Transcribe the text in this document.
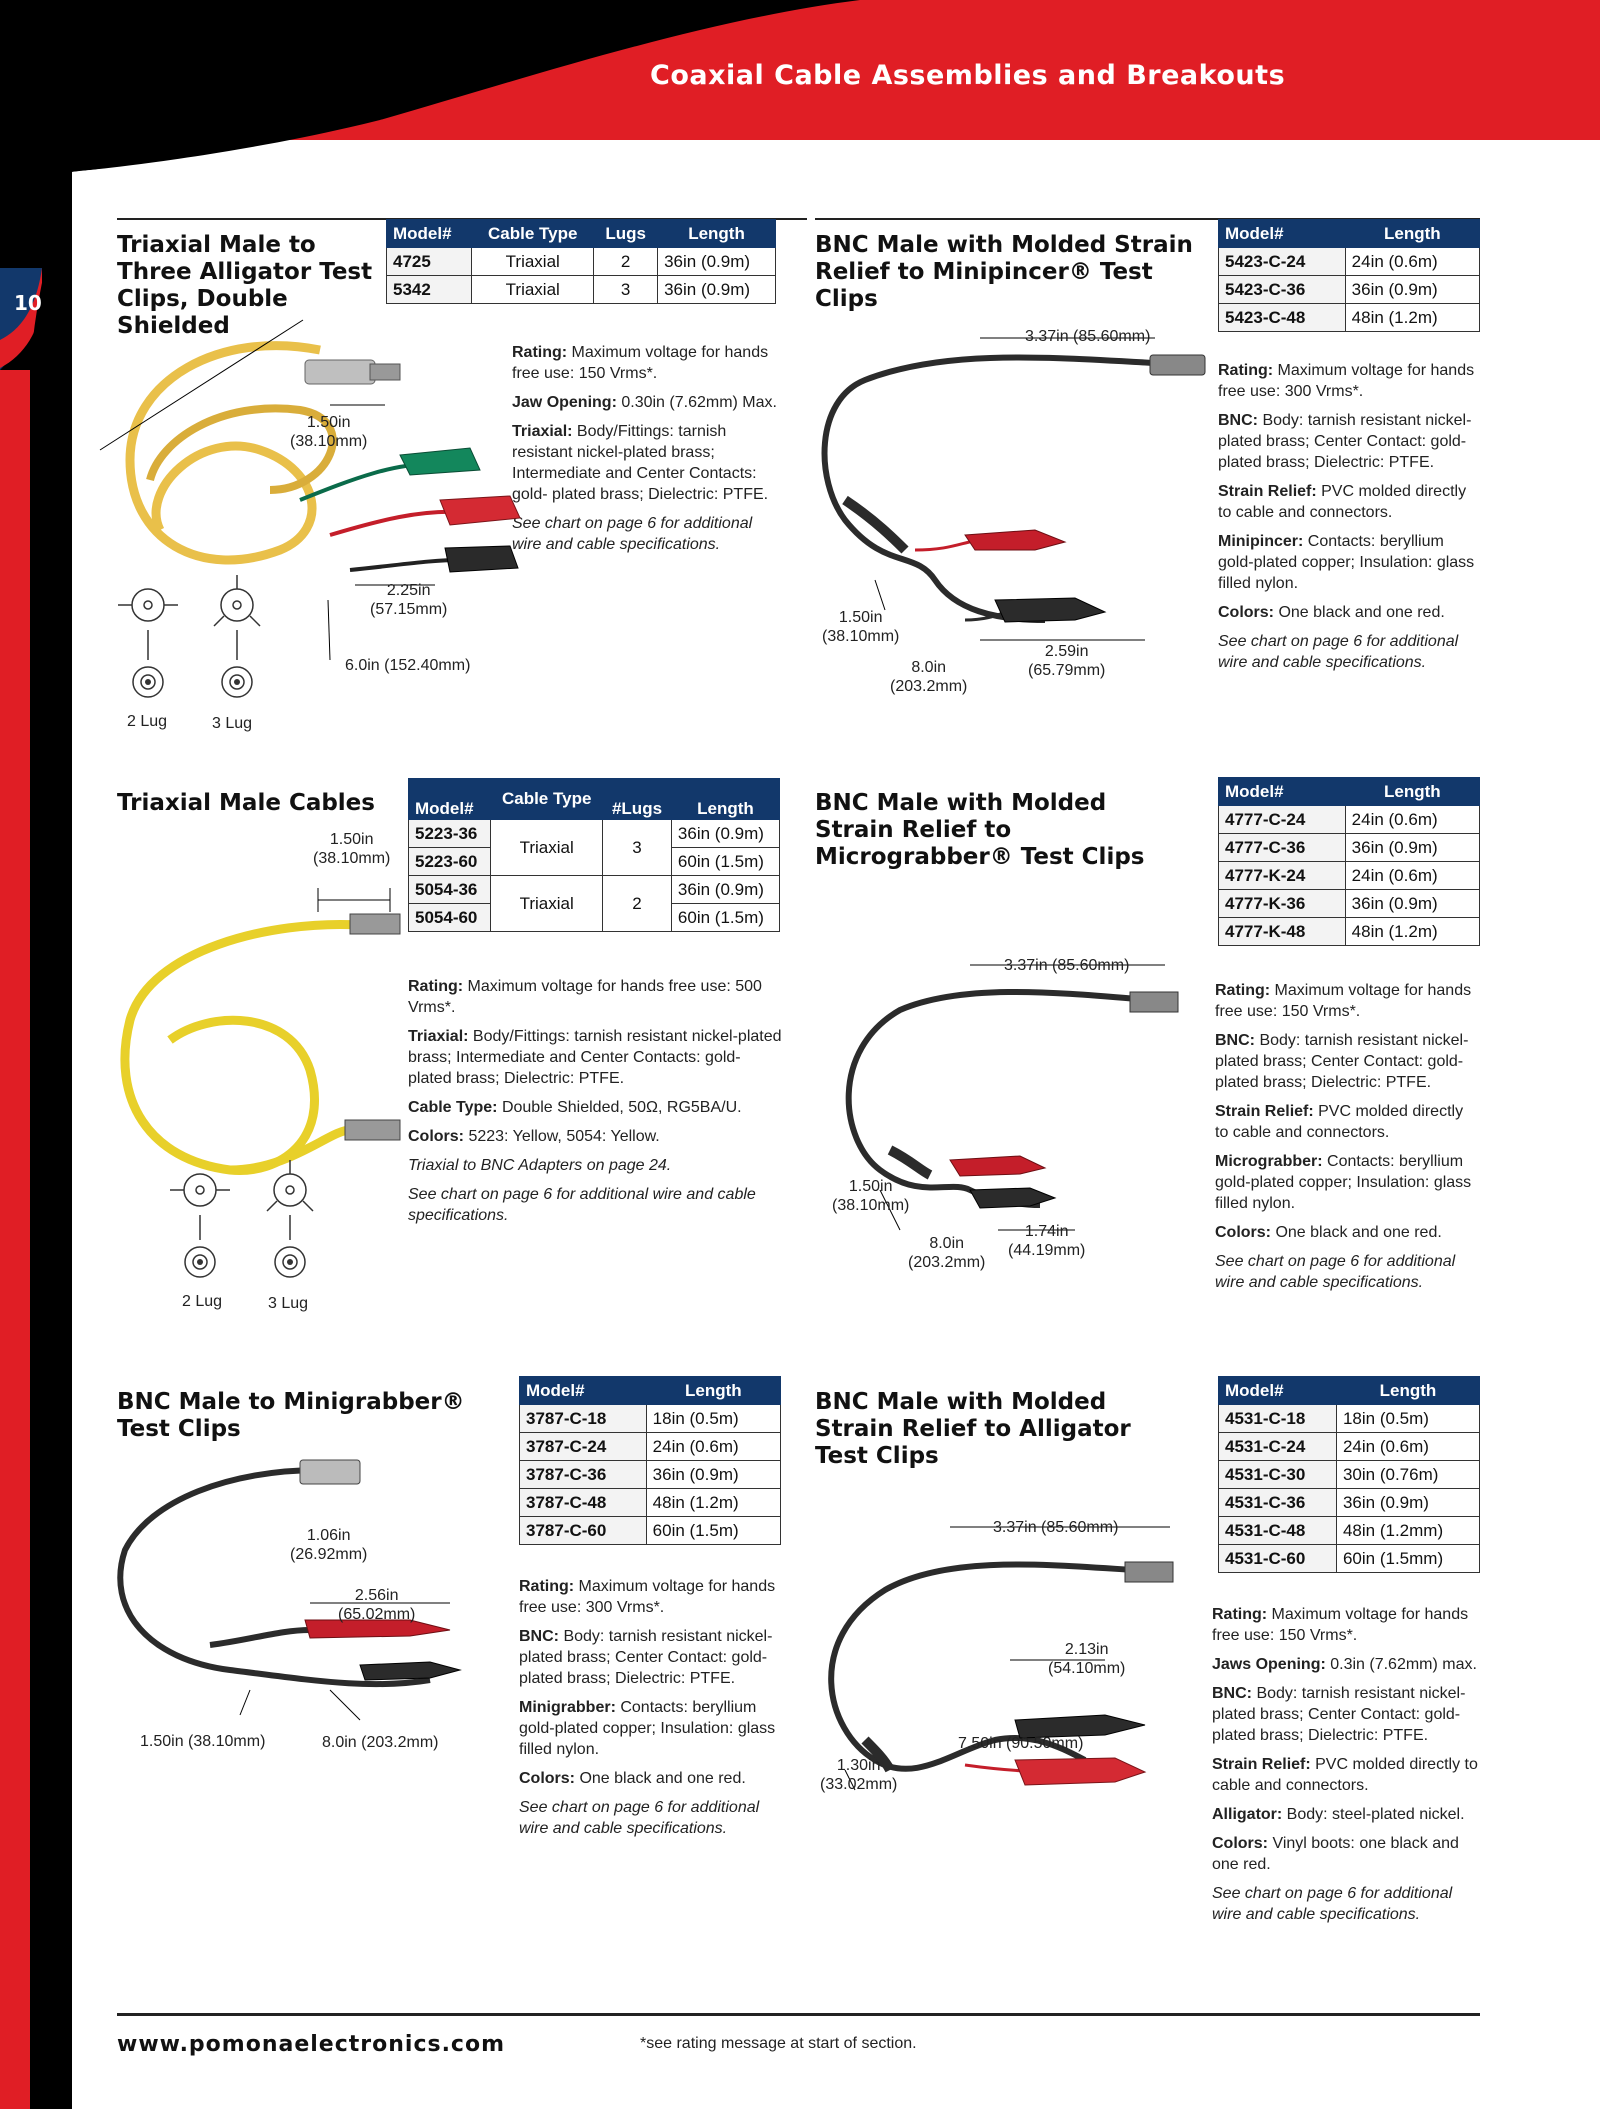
Coaxial Cable Assemblies and Breakouts
10
Triaxial Male to Three Alligator Test Clips, Double Shielded
Model#	Cable Type	Lugs	Length
4725	Triaxial	2	36in (0.9m)
5342	Triaxial	3	36in (0.9m)

Rating: Maximum voltage for hands free use: 150 Vrms*.

Jaw Opening: 0.30in (7.62mm) Max.

Triaxial: Body/Fittings: tarnish resistant nickel-plated brass; Intermediate and Center Contacts: gold- plated brass; Dielectric: PTFE.

See chart on page 6 for additional wire and cable specifications.

1.50in
(38.10mm)
2.25in
(57.15mm)
6.0in (152.40mm)
2 Lug	3 Lug
BNC Male with Molded Strain Relief to Minipincer® Test Clips
Model#	Length
5423-C-24	24in (0.6m)
5423-C-36	36in (0.9m)
5423-C-48	48in (1.2m)

Rating: Maximum voltage for hands free use: 300 Vrms*.

BNC: Body: tarnish resistant nickel-plated brass; Center Contact: gold-plated brass; Dielectric: PTFE.

Strain Relief: PVC molded directly to cable and connectors.

Minipincer: Contacts: beryllium gold-plated copper; Insulation: glass filled nylon.

Colors: One black and one red.

See chart on page 6 for additional wire and cable specifications.

3.37in (85.60mm)
1.50in
(38.10mm)
8.0in
(203.2mm)
2.59in
(65.79mm)
Triaxial Male Cables	Model#	Cable Type	#Lugs	Length
5223-36	Triaxial	3	36in (0.9m)
5223-60			60in (1.5m)
5054-36	Triaxial	2	36in (0.9m)
5054-60			60in (1.5m)

Rating: Maximum voltage for hands free use: 500 Vrms*.

Triaxial: Body/Fittings: tarnish resistant nickel-plated brass; Intermediate and Center Contacts: gold-plated brass; Dielectric: PTFE.

Cable Type: Double Shielded, 50Ω, RG5BA/U.

Colors: 5223: Yellow, 5054: Yellow.

Triaxial to BNC Adapters on page 24.

See chart on page 6 for additional wire and cable specifications.

1.50in
(38.10mm)
2 Lug	3 Lug
BNC Male with Molded Strain Relief to Micrograbber® Test Clips
Model#	Length
4777-C-24	24in (0.6m)
4777-C-36	36in (0.9m)
4777-K-24	24in (0.6m)
4777-K-36	36in (0.9m)
4777-K-48	48in (1.2m)

Rating: Maximum voltage for hands free use: 150 Vrms*.

BNC: Body: tarnish resistant nickel-plated brass; Center Contact: gold-plated brass; Dielectric: PTFE.

Strain Relief: PVC molded directly to cable and connectors.

Micrograbber: Contacts: beryllium gold-plated copper; Insulation: glass filled nylon.

Colors: One black and one red.

See chart on page 6 for additional wire and cable specifications.

3.37in (85.60mm)
1.50in
(38.10mm)
8.0in
(203.2mm)
1.74in
(44.19mm)
BNC Male to Minigrabber® Test Clips
Model#	Length
3787-C-18	18in (0.5m)
3787-C-24	24in (0.6m)
3787-C-36	36in (0.9m)
3787-C-48	48in (1.2m)
3787-C-60	60in (1.5m)

Rating: Maximum voltage for hands free use: 300 Vrms*.

BNC: Body: tarnish resistant nickel-plated brass; Center Contact: gold-plated brass; Dielectric: PTFE.

Minigrabber: Contacts: beryllium gold-plated copper; Insulation: glass filled nylon.

Colors: One black and one red.

See chart on page 6 for additional wire and cable specifications.

1.06in
(26.92mm)
2.56in
(65.02mm)
1.50in (38.10mm)	8.0in (203.2mm)
BNC Male with Molded Strain Relief to Alligator Test Clips
Model#	Length
4531-C-18	18in (0.5m)
4531-C-24	24in (0.6m)
4531-C-30	30in (0.76m)
4531-C-36	36in (0.9m)
4531-C-48	48in (1.2mm)
4531-C-60	60in (1.5mm)

Rating: Maximum voltage for hands free use: 150 Vrms*.

Jaws Opening: 0.3in (7.62mm) max.

BNC: Body: tarnish resistant nickel-plated brass; Center Contact: gold-plated brass; Dielectric: PTFE.

Strain Relief: PVC molded directly to cable and connectors.

Alligator: Body: steel-plated nickel.

Colors: Vinyl boots: one black and one red.

See chart on page 6 for additional wire and cable specifications.

3.37in (85.60mm)
2.13in
(54.10mm)
7.50in (90.50mm)
1.30in
(33.02mm)
www.pomonaelectronics.com	*see rating message at start of section.
